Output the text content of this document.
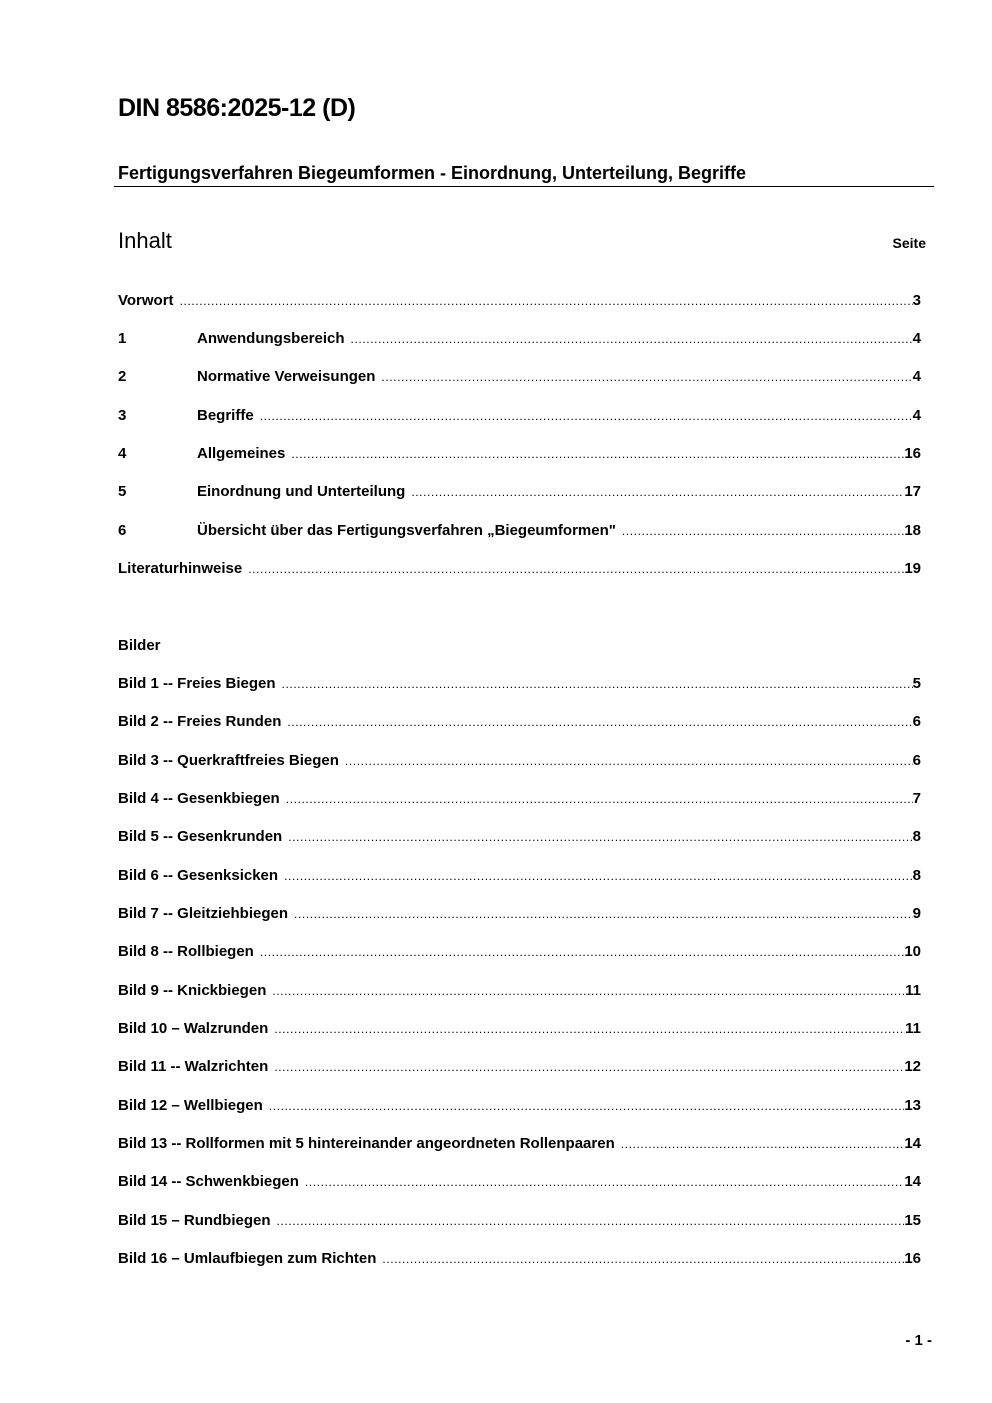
DIN 8586:2025-12 (D)
Fertigungsverfahren Biegeumformen - Einordnung, Unterteilung, Begriffe
Inhalt	Seite
Vorwort .....	3
1	Anwendungsbereich .....	4
2	Normative Verweisungen .....	4
3	Begriffe .....	4
4	Allgemeines .....	16
5	Einordnung und Unterteilung .....	17
6	Übersicht über das Fertigungsverfahren „Biegeumformen" .....	18
Literaturhinweise .....	19
Bilder
Bild 1 -- Freies Biegen .....	5
Bild 2 -- Freies Runden .....	6
Bild 3 -- Querkraftfreies Biegen .....	6
Bild 4 -- Gesenkbiegen .....	7
Bild 5 -- Gesenkrunden .....	8
Bild 6 -- Gesenksicken .....	8
Bild 7 -- Gleitziehbiegen .....	9
Bild 8 -- Rollbiegen .....	10
Bild 9 -- Knickbiegen .....	11
Bild 10 – Walzrunden .....	11
Bild 11 -- Walzrichten .....	12
Bild 12 – Wellbiegen .....	13
Bild 13 -- Rollformen mit 5 hintereinander angeordneten Rollenpaaren .....	14
Bild 14 -- Schwenkbiegen .....	14
Bild 15 – Rundbiegen .....	15
Bild 16 – Umlaufbiegen zum Richten .....	16
- 1 -
